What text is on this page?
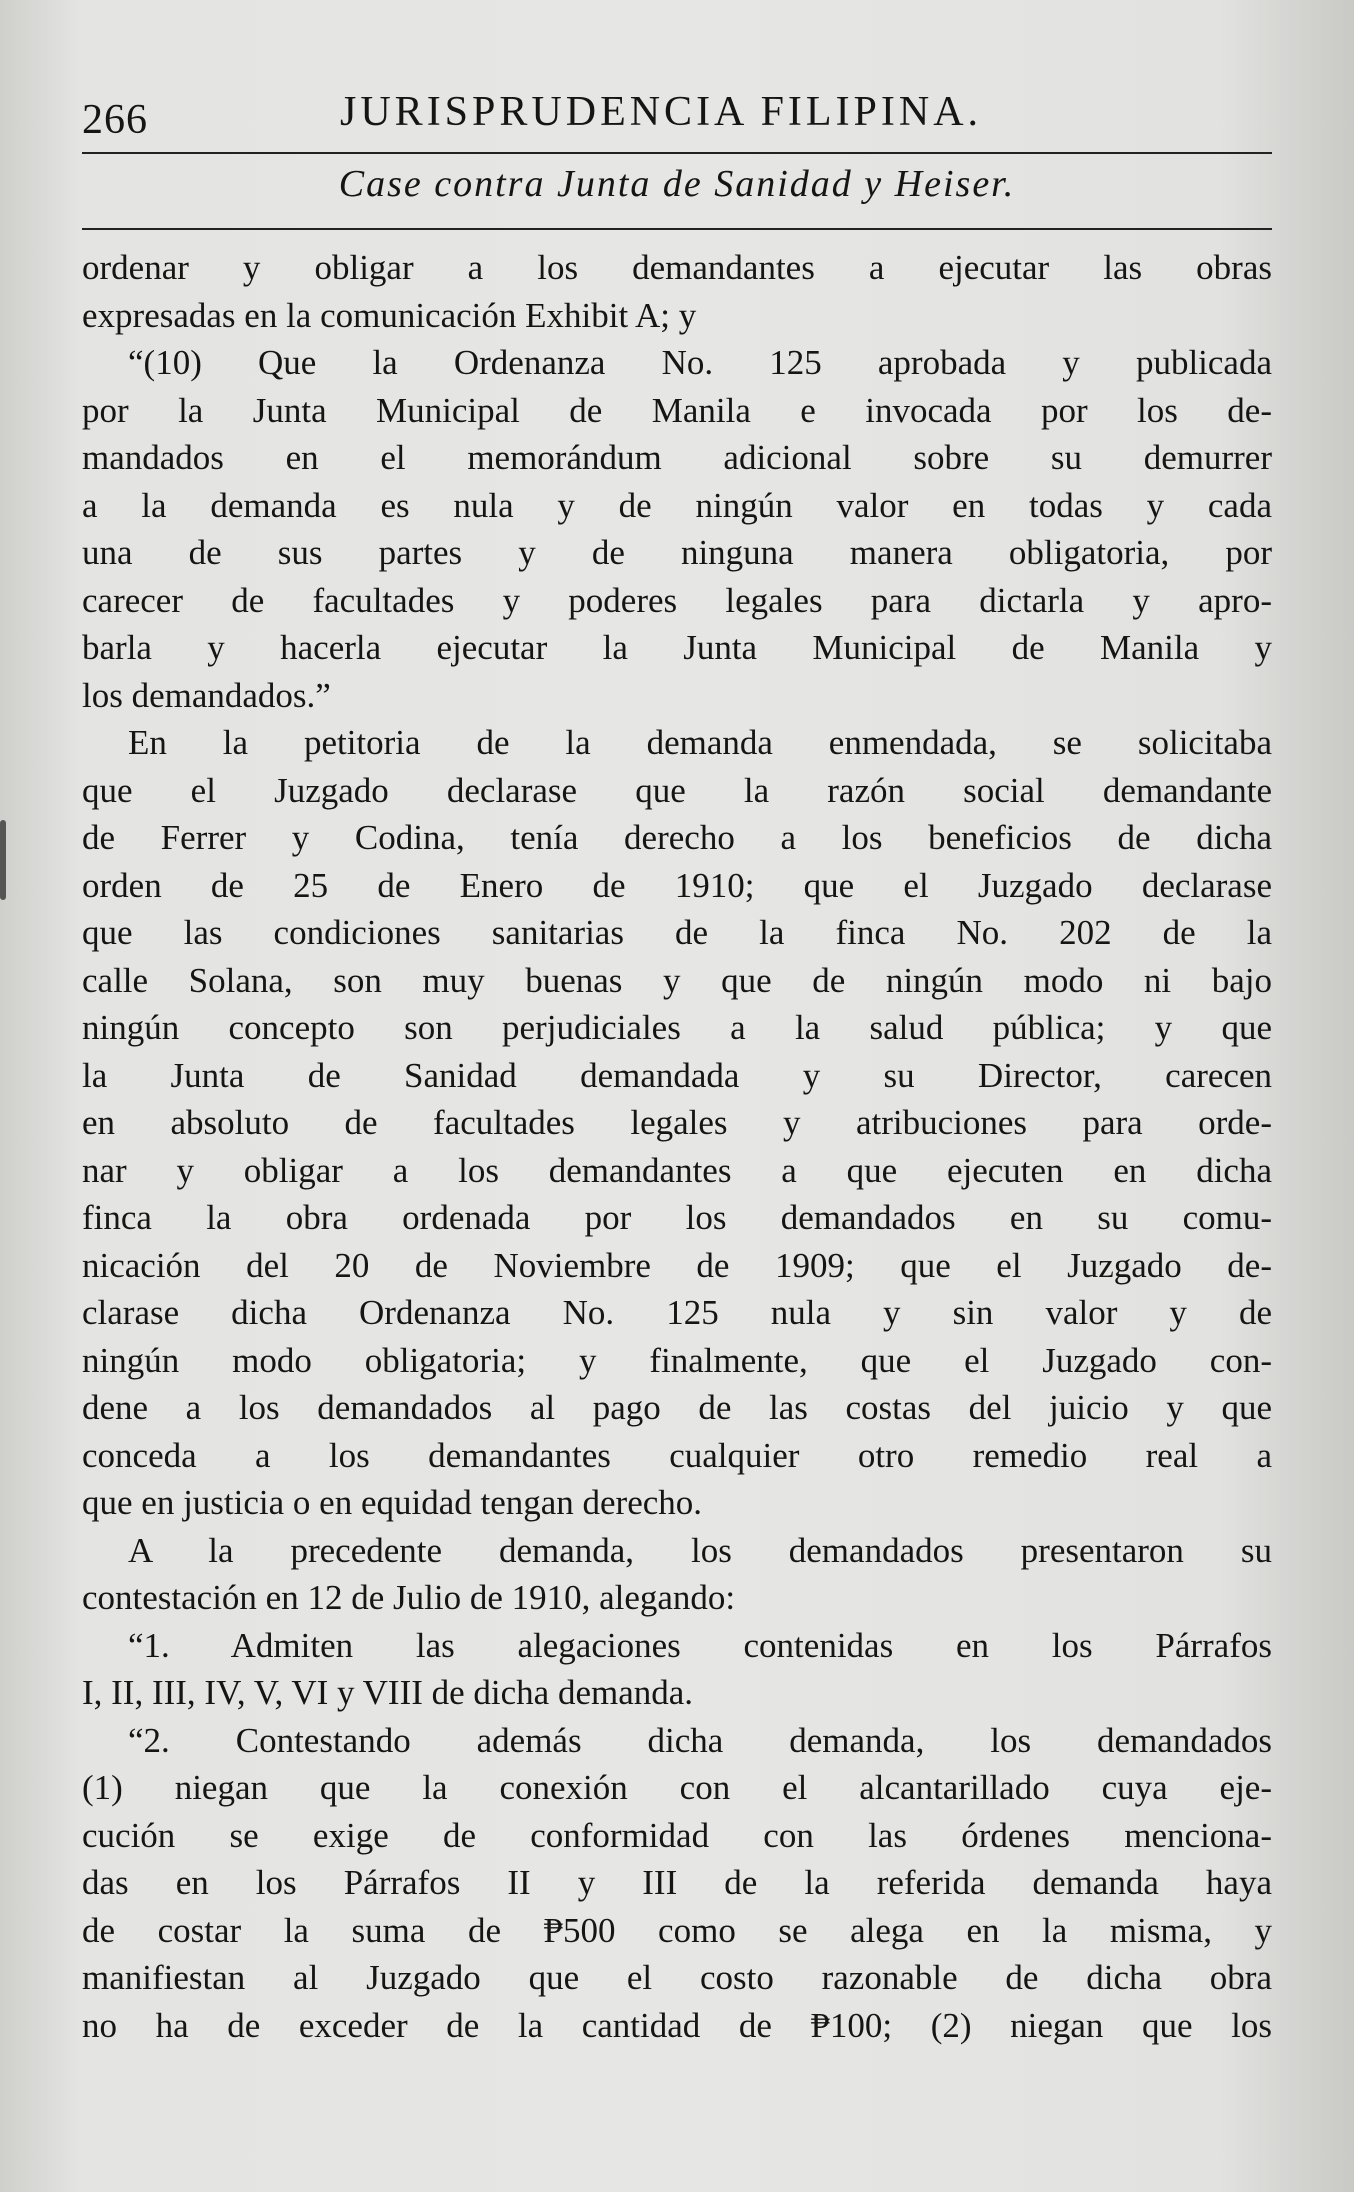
266	JURISPRUDENCIA FILIPINA.
Case contra Junta de Sanidad y Heiser.
ordenar y obligar a los demandantes a ejecutar las obras
expresadas en la comunicación Exhibit A; y
“(10) Que la Ordenanza No. 125 aprobada y publicada
por la Junta Municipal de Manila e invocada por los de-
mandados en el memorándum adicional sobre su demurrer
a la demanda es nula y de ningún valor en todas y cada
una de sus partes y de ninguna manera obligatoria, por
carecer de facultades y poderes legales para dictarla y apro-
barla y hacerla ejecutar la Junta Municipal de Manila y
los demandados.”
En la petitoria de la demanda enmendada, se solicitaba
que el Juzgado declarase que la razón social demandante
de Ferrer y Codina, tenía derecho a los beneficios de dicha
orden de 25 de Enero de 1910; que el Juzgado declarase
que las condiciones sanitarias de la finca No. 202 de la
calle Solana, son muy buenas y que de ningún modo ni bajo
ningún concepto son perjudiciales a la salud pública; y que
la Junta de Sanidad demandada y su Director, carecen
en absoluto de facultades legales y atribuciones para orde-
nar y obligar a los demandantes a que ejecuten en dicha
finca la obra ordenada por los demandados en su comu-
nicación del 20 de Noviembre de 1909; que el Juzgado de-
clarase dicha Ordenanza No. 125 nula y sin valor y de
ningún modo obligatoria; y finalmente, que el Juzgado con-
dene a los demandados al pago de las costas del juicio y que
conceda a los demandantes cualquier otro remedio real a
que en justicia o en equidad tengan derecho.
A la precedente demanda, los demandados presentaron su
contestación en 12 de Julio de 1910, alegando:
“1. Admiten las alegaciones contenidas en los Párrafos
I, II, III, IV, V, VI y VIII de dicha demanda.
“2. Contestando además dicha demanda, los demandados
(1) niegan que la conexión con el alcantarillado cuya eje-
cución se exige de conformidad con las órdenes menciona-
das en los Párrafos II y III de la referida demanda haya
de costar la suma de ₱500 como se alega en la misma, y
manifiestan al Juzgado que el costo razonable de dicha obra
no ha de exceder de la cantidad de ₱100; (2) niegan que los
